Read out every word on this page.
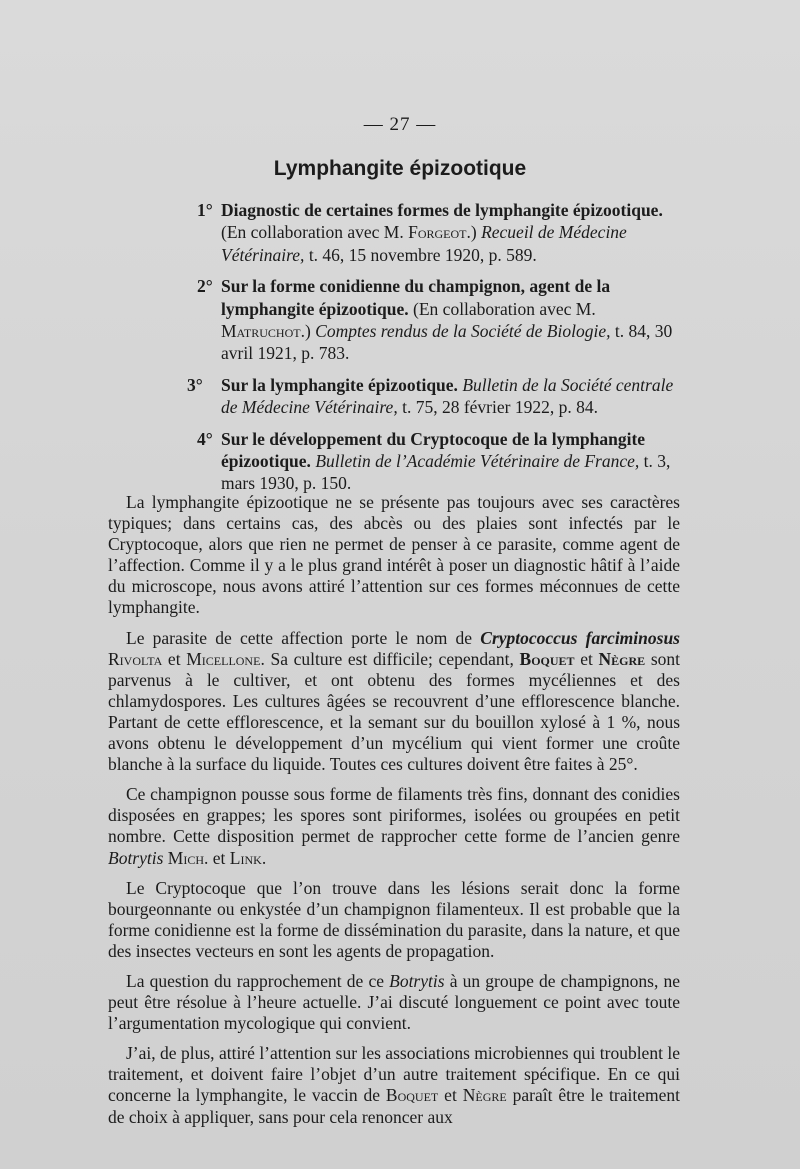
— 27 —
Lymphangite épizootique
1° Diagnostic de certaines formes de lymphangite épizootique. (En collaboration avec M. Forgeot.) Recueil de Médecine Vétérinaire, t. 46, 15 novembre 1920, p. 589.
2° Sur la forme conidienne du champignon, agent de la lymphangite épizootique. (En collaboration avec M. Matruchot.) Comptes rendus de la Société de Biologie, t. 84, 30 avril 1921, p. 783.
3° Sur la lymphangite épizootique. Bulletin de la Société centrale de Médecine Vétérinaire, t. 75, 28 février 1922, p. 84.
4° Sur le développement du Cryptocoque de la lymphangite épizootique. Bulletin de l’Académie Vétérinaire de France, t. 3, mars 1930, p. 150.

La lymphangite épizootique ne se présente pas toujours avec ses caractères typiques; dans certains cas, des abcès ou des plaies sont infectés par le Cryptocoque, alors que rien ne permet de penser à ce parasite, comme agent de l’affection. Comme il y a le plus grand intérêt à poser un diagnostic hâtif à l’aide du microscope, nous avons attiré l’attention sur ces formes méconnues de cette lymphangite.

Le parasite de cette affection porte le nom de Cryptococcus farciminosus Rivolta et Micellone. Sa culture est difficile; cependant, Boquet et Nègre sont parvenus à le cultiver, et ont obtenu des formes mycéliennes et des chlamydospores. Les cultures âgées se recouvrent d’une efflorescence blanche. Partant de cette efflorescence, et la semant sur du bouillon xylosé à 1 %, nous avons obtenu le développement d’un mycélium qui vient former une croûte blanche à la surface du liquide. Toutes ces cultures doivent être faites à 25°.

Ce champignon pousse sous forme de filaments très fins, donnant des conidies disposées en grappes; les spores sont piriformes, isolées ou groupées en petit nombre. Cette disposition permet de rapprocher cette forme de l’ancien genre Botrytis Mich. et Link.

Le Cryptocoque que l’on trouve dans les lésions serait donc la forme bourgeonnante ou enkystée d’un champignon filamenteux. Il est probable que la forme conidienne est la forme de dissémination du parasite, dans la nature, et que des insectes vecteurs en sont les agents de propagation.

La question du rapprochement de ce Botrytis à un groupe de champignons, ne peut être résolue à l’heure actuelle. J’ai discuté longuement ce point avec toute l’argumentation mycologique qui convient.

J’ai, de plus, attiré l’attention sur les associations microbiennes qui troublent le traitement, et doivent faire l’objet d’un autre traitement spécifique. En ce qui concerne la lymphangite, le vaccin de Boquet et Nègre paraît être le traitement de choix à appliquer, sans pour cela renoncer aux
